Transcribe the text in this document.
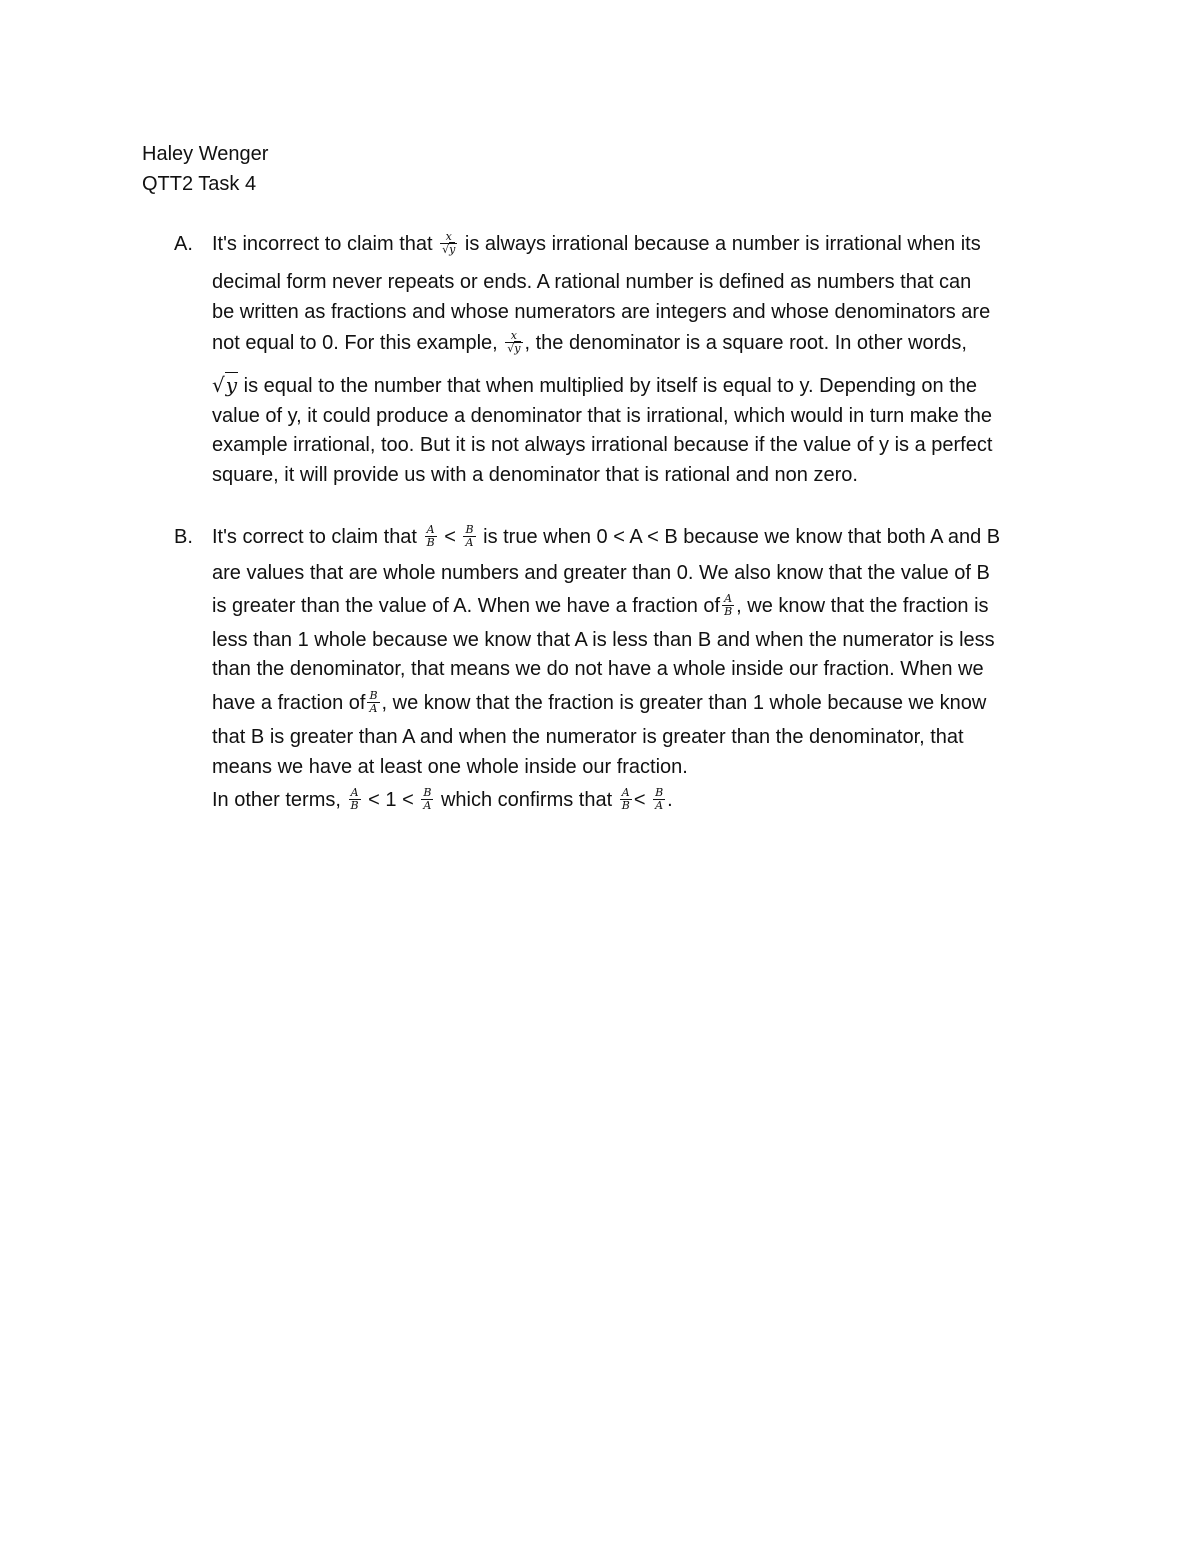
Haley Wenger
QTT2 Task 4
A. It's incorrect to claim that $\frac{x}{√y}$ is always irrational because a number is irrational when its
decimal form never repeats or ends. A rational number is defined as numbers that can
be written as fractions and whose numerators are integers and whose denominators are
not equal to 0. For this example, $\frac{x}{√y}$ , the denominator is a square root. In other words,
√y is equal to the number that when multiplied by itself is equal to y. Depending on the
value of y, it could produce a denominator that is irrational, which would in turn make the
example irrational, too. But it is not always irrational because if the value of y is a perfect
square, it will provide us with a denominator that is rational and non zero.
B. It's correct to claim that $\frac{A}{B} < \frac{B}{A}$ is true when 0 < A < B because we know that both A and B
are values that are whole numbers and greater than 0. We also know that the value of B
is greater than the value of A. When we have a fraction of $\frac{A}{B}$ , we know that the fraction is
less than 1 whole because we know that A is less than B and when the numerator is less
than the denominator, that means we do not have a whole inside our fraction. When we
have a fraction of $\frac{B}{A}$ , we know that the fraction is greater than 1 whole because we know
that B is greater than A and when the numerator is greater than the denominator, that
means we have at least one whole inside our fraction.
In other terms, $\frac{A}{B} < 1 < \frac{B}{A}$ which confirms that $\frac{A}{B} < \frac{B}{A}$ .
